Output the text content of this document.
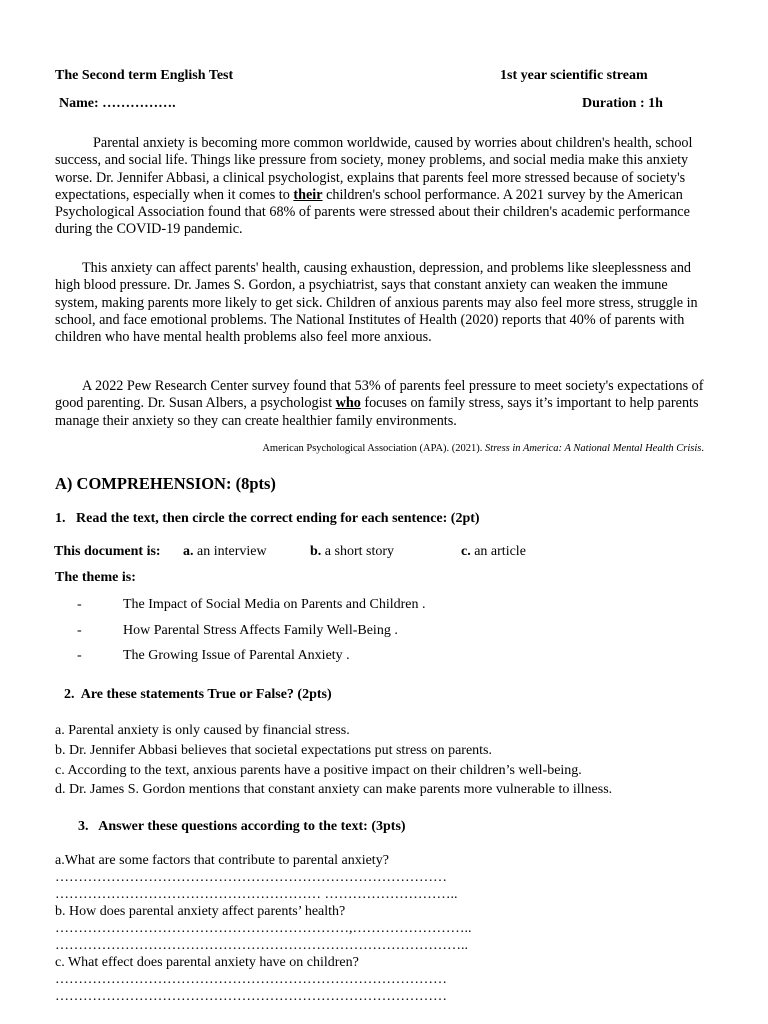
The Second term English Test	1st year scientific stream
Name: …………….	Duration : 1h

Parental anxiety is becoming more common worldwide, caused by worries about children's health, school success, and social life. Things like pressure from society, money problems, and social media make this anxiety worse. Dr. Jennifer Abbasi, a clinical psychologist, explains that parents feel more stressed because of society's expectations, especially when it comes to their children's school performance. A 2021 survey by the American Psychological Association found that 68% of parents were stressed about their children's academic performance during the COVID-19 pandemic.

This anxiety can affect parents' health, causing exhaustion, depression, and problems like sleeplessness and high blood pressure. Dr. James S. Gordon, a psychiatrist, says that constant anxiety can weaken the immune system, making parents more likely to get sick. Children of anxious parents may also feel more stress, struggle in school, and face emotional problems. The National Institutes of Health (2020) reports that 40% of parents with children who have mental health problems also feel more anxious.

A 2022 Pew Research Center survey found that 53% of parents feel pressure to meet society's expectations of good parenting. Dr. Susan Albers, a psychologist who focuses on family stress, says it’s important to help parents manage their anxiety so they can create healthier family environments.

American Psychological Association (APA). (2021). Stress in America: A National Mental Health Crisis.
A) COMPREHENSION: (8pts)
1.   Read the text, then circle the correct ending for each sentence: (2pt)
This document is: a. an interview	b. a short story	c. an article
The theme is:
-	The Impact of Social Media on Parents and Children .
-	How Parental Stress Affects Family Well-Being .
-	The Growing Issue of Parental Anxiety .
2.  Are these statements True or False? (2pts)
a. Parental anxiety is only caused by financial stress.
b. Dr. Jennifer Abbasi believes that societal expectations put stress on parents.
c. According to the text, anxious parents have a positive impact on their children’s well-being.
d. Dr. James S. Gordon mentions that constant anxiety can make parents more vulnerable to illness.
3.   Answer these questions according to the text: (3pts)
a.What are some factors that contribute to parental anxiety?
…………………………………………………………………………
………………………………………………… ………………………..
b. How does parental anxiety affect parents’ health?
………………………………………………………,……………………..
……………………………………………………………………………..
c. What effect does parental anxiety have on children?
…………………………………………………………………………
…………………………………………………………………………
